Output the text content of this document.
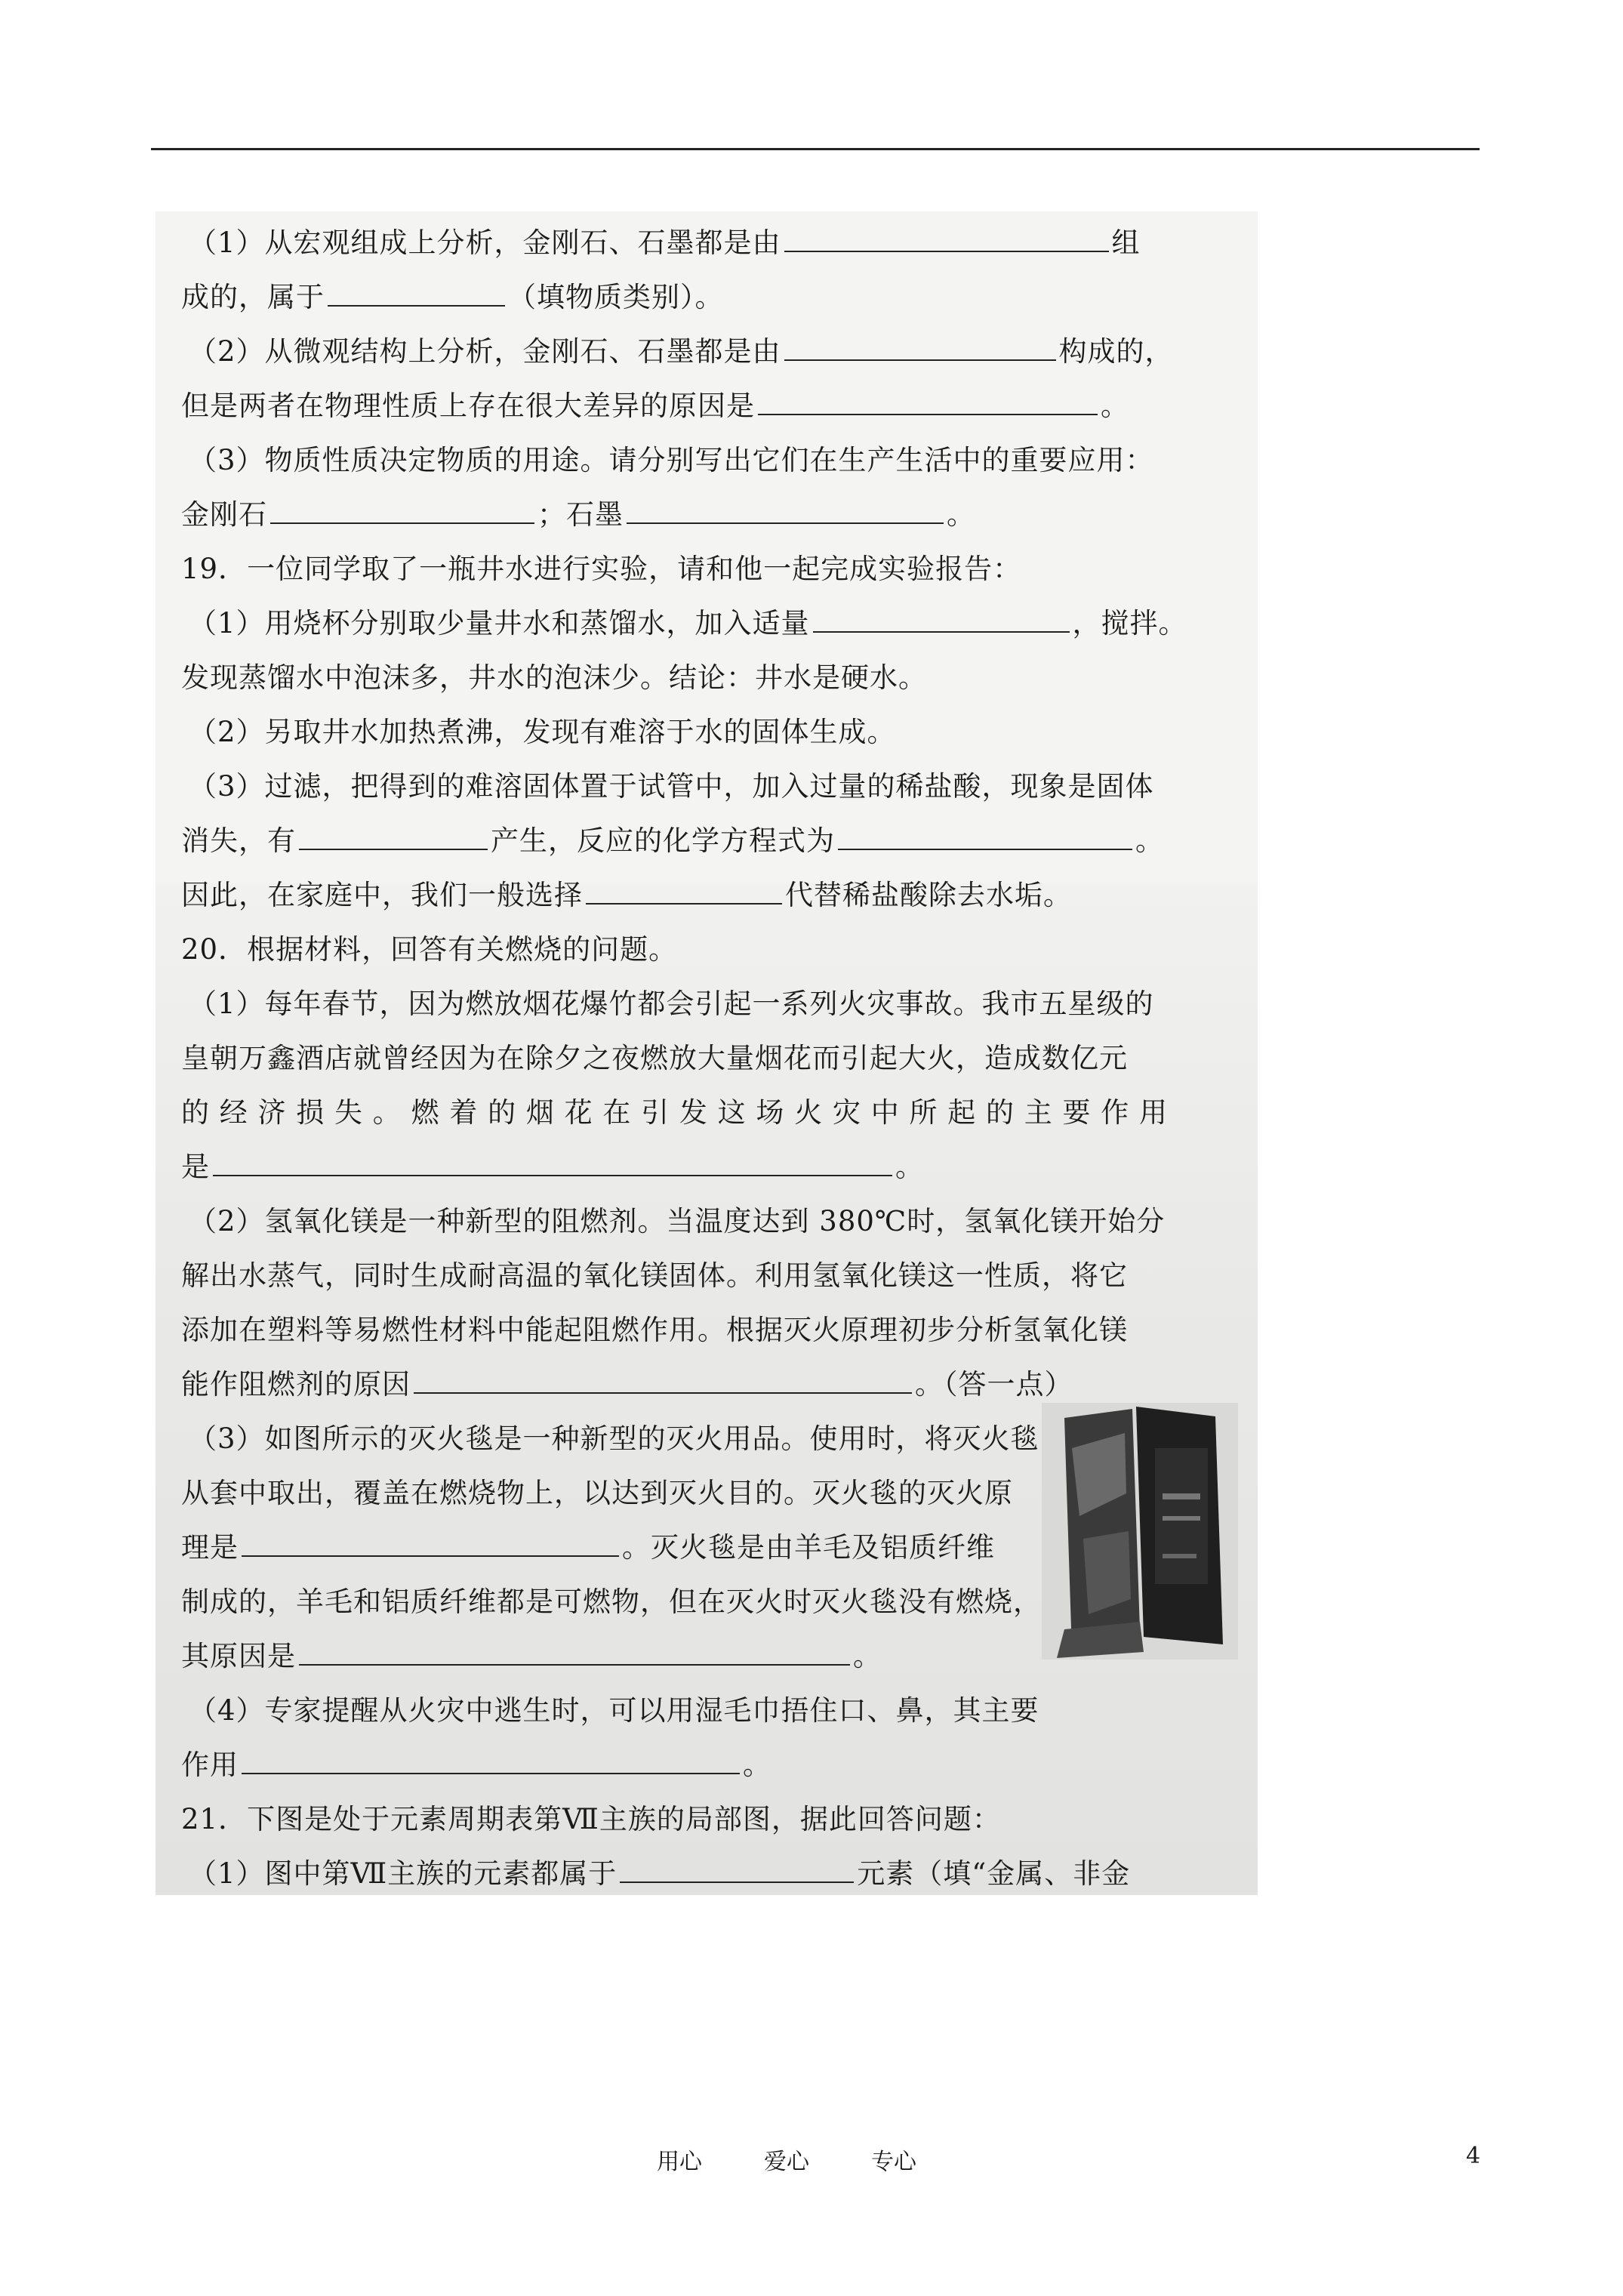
（1）从宏观组成上分析，金刚石、石墨都是由	组
成的，属于	（填物质类别）。
（2）从微观结构上分析，金刚石、石墨都是由	构成的，
但是两者在物理性质上存在很大差异的原因是	。
（3）物质性质决定物质的用途。请分别写出它们在生产生活中的重要应用：
金刚石	；石墨	。
19．一位同学取了一瓶井水进行实验，请和他一起完成实验报告：
（1）用烧杯分别取少量井水和蒸馏水，加入适量	，搅拌。
发现蒸馏水中泡沫多，井水的泡沫少。结论：井水是硬水。
（2）另取井水加热煮沸，发现有难溶于水的固体生成。
（3）过滤，把得到的难溶固体置于试管中，加入过量的稀盐酸，现象是固体
消失，有	产生，反应的化学方程式为	。
因此，在家庭中，我们一般选择	代替稀盐酸除去水垢。
20．根据材料，回答有关燃烧的问题。
（1）每年春节，因为燃放烟花爆竹都会引起一系列火灾事故。我市五星级的
皇朝万鑫酒店就曾经因为在除夕之夜燃放大量烟花而引起大火，造成数亿元
的 经 济 损 失 。 燃 着 的 烟 花 在 引 发 这 场 火 灾 中 所 起 的 主 要 作 用
是	。
（2）氢氧化镁是一种新型的阻燃剂。当温度达到 380℃时，氢氧化镁开始分
解出水蒸气，同时生成耐高温的氧化镁固体。利用氢氧化镁这一性质，将它
添加在塑料等易燃性材料中能起阻燃作用。根据灭火原理初步分析氢氧化镁
能作阻燃剂的原因	。（答一点）
（3）如图所示的灭火毯是一种新型的灭火用品。使用时，将灭火毯
从套中取出，覆盖在燃烧物上，以达到灭火目的。灭火毯的灭火原
理是	。灭火毯是由羊毛及铝质纤维
制成的，羊毛和铝质纤维都是可燃物，但在灭火时灭火毯没有燃烧，
其原因是	。
（4）专家提醒从火灾中逃生时，可以用湿毛巾捂住口、鼻，其主要
作用	。
21．下图是处于元素周期表第Ⅶ主族的局部图，据此回答问题：
（1）图中第Ⅶ主族的元素都属于	元素（填“金属、非金
用心	爱心	专心	4
